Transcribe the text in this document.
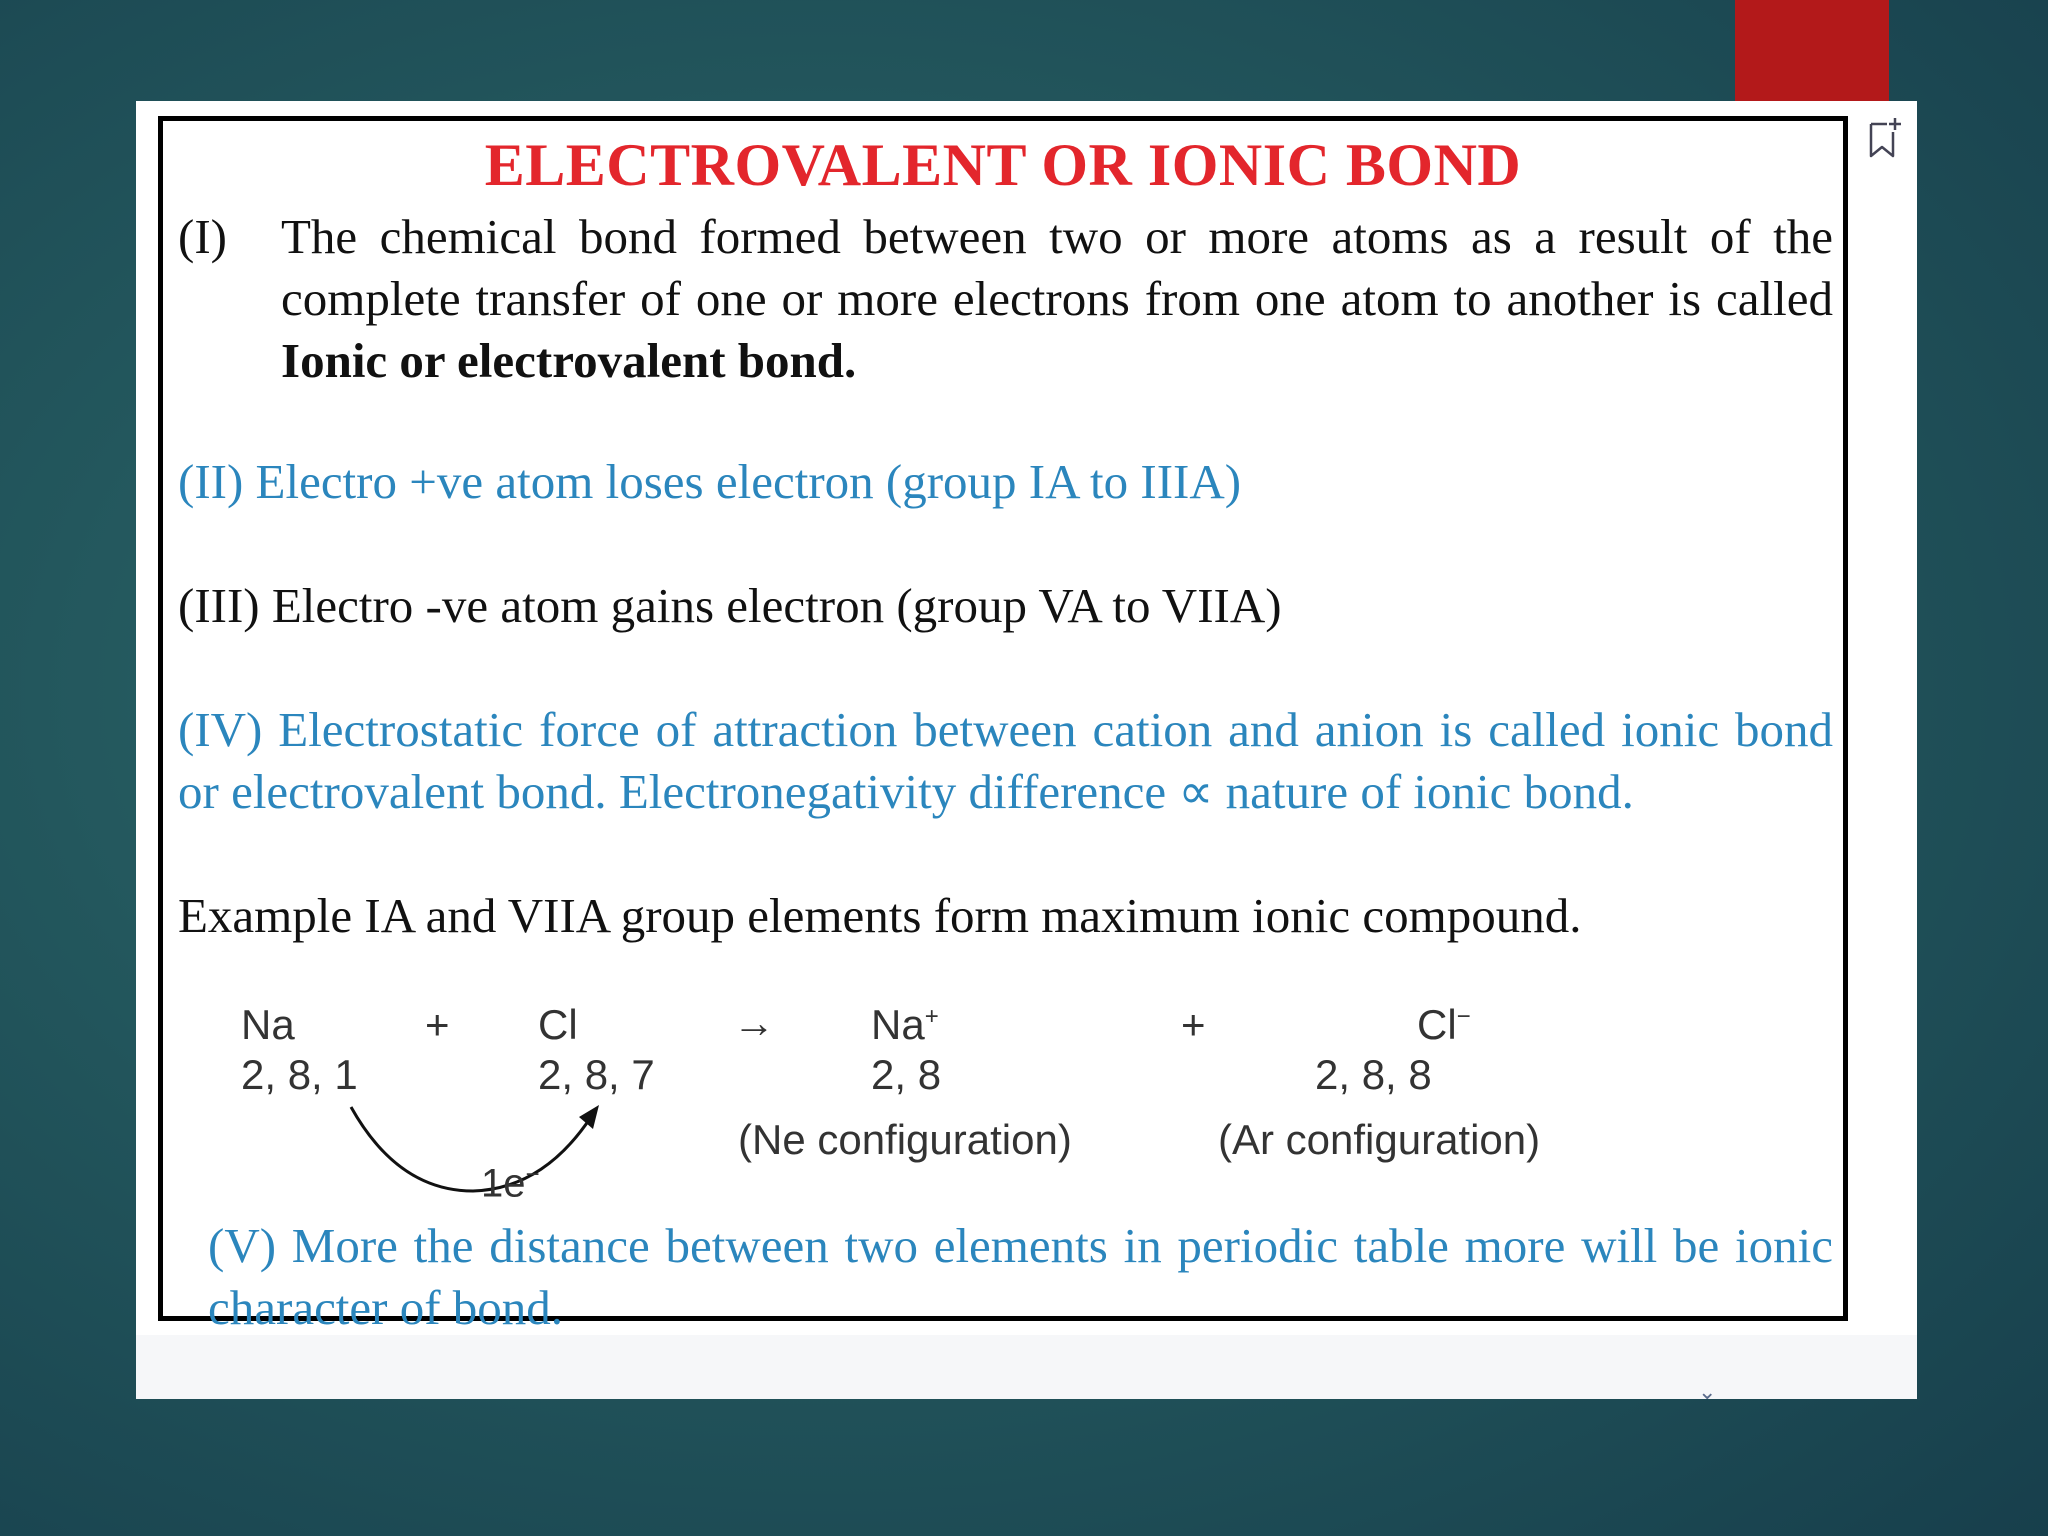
ELECTROVALENT OR IONIC BOND
(I) The chemical bond formed between two or more atoms as a result of the complete transfer of one or more electrons from one atom to another is called Ionic or electrovalent bond.
(II) Electro +ve atom loses electron (group IA to IIIA)
(III) Electro -ve atom gains electron (group VA to VIIA)
(IV) Electrostatic force of attraction between cation and anion is called ionic bond or electrovalent bond. Electronegativity difference ∝ nature of ionic bond.
Example IA and VIIA group elements form maximum ionic compound.
Na	+ Cl	→ Na+	+	Cl−
2, 8, 1	2, 8, 7	2, 8	2, 8, 8
1e−
(Ne configuration)	(Ar configuration)
(V) More the distance between two elements in periodic table more will be ionic character of bond.
⌄
